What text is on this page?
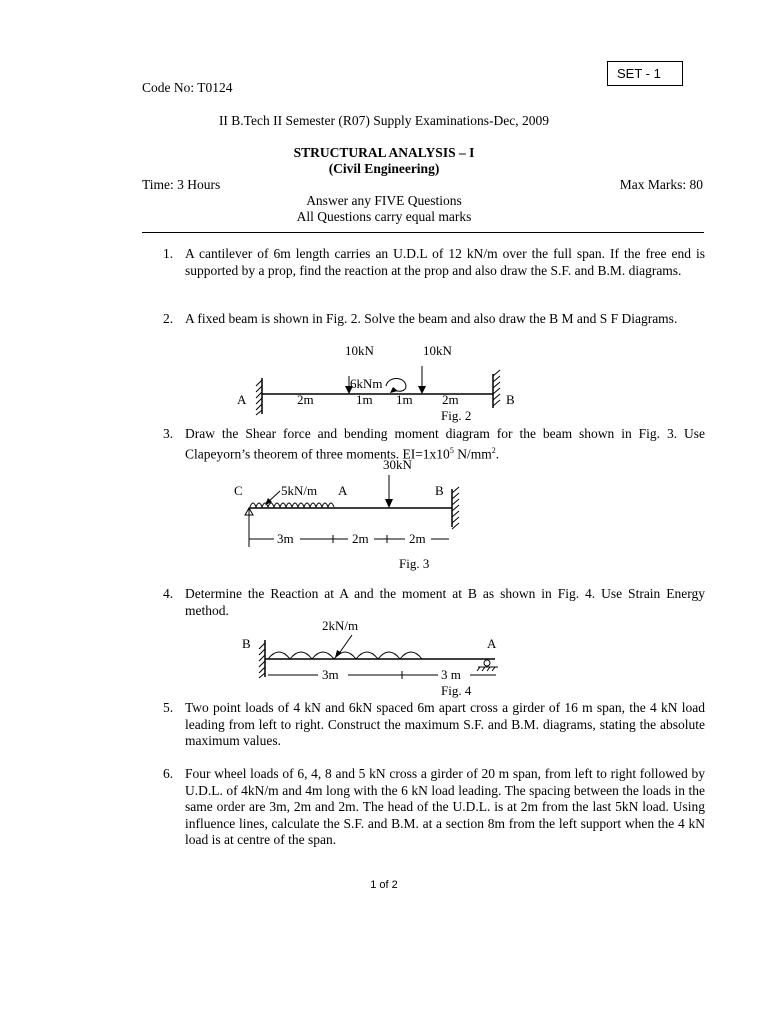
SET - 1
Code No: T0124
II B.Tech II Semester (R07) Supply Examinations-Dec, 2009
STRUCTURAL ANALYSIS – I
(Civil Engineering)
Time: 3 Hours	Max Marks: 80
Answer any FIVE Questions
All Questions carry equal marks
1. A cantilever of 6m length carries an U.D.L of 12 kN/m over the full span. If the free end is supported by a prop, find the reaction at the prop and also draw the S.F. and B.M. diagrams.
2. A fixed beam is shown in Fig. 2. Solve the beam and also draw the B M and S F Diagrams.
10kN	10kN
6kNm
A	B
2m	1m 1m 2m
Fig. 2
3. Draw the Shear force and bending moment diagram for the beam shown in Fig. 3. Use Clapeyorn’s theorem of three moments. $EI=1x10^5$ $N/mm^2$.
30kN
C	5kN/m A	B
3m	2m	2m
Fig. 3
4. Determine the Reaction at A and the moment at B as shown in Fig. 4. Use Strain Energy method.
2kN/m
B	A
3m	3 m
Fig. 4
5. Two point loads of 4 kN and 6kN spaced 6m apart cross a girder of 16 m span, the 4 kN load leading from left to right. Construct the maximum S.F. and B.M. diagrams, stating the absolute maximum values.
6. Four wheel loads of 6, 4, 8 and 5 kN cross a girder of 20 m span, from left to right followed by U.D.L. of 4kN/m and 4m long with the 6 kN load leading. The spacing between the loads in the same order are 3m, 2m and 2m. The head of the U.D.L. is at 2m from the last 5kN load. Using influence lines, calculate the S.F. and B.M. at a section 8m from the left support when the 4 kN load is at centre of the span.
1 of 2
